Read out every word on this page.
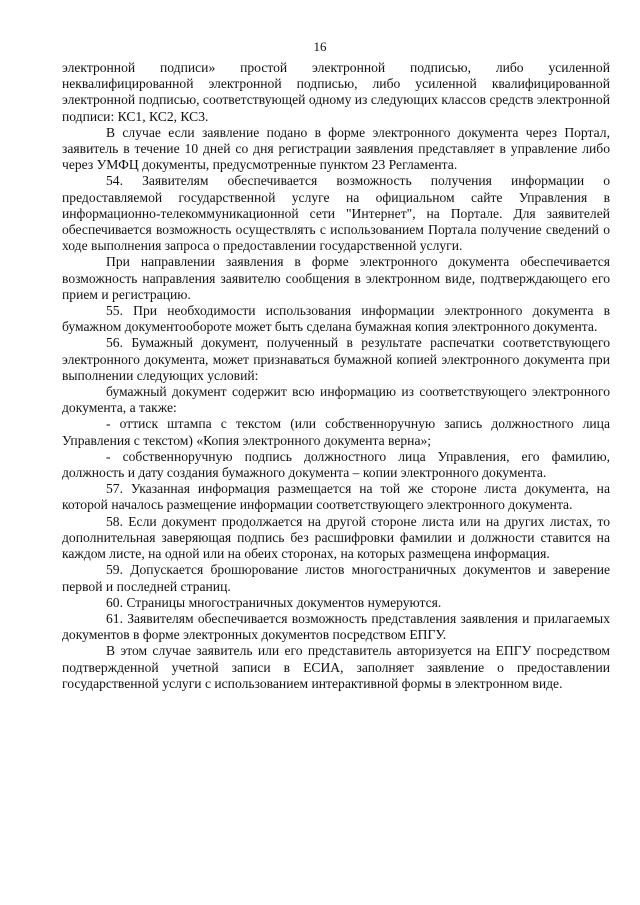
16

электронной подписи» простой электронной подписью, либо усиленной неквалифицированной электронной подписью, либо усиленной квалифицированной электронной подписью, соответствующей одному из следующих классов средств электронной подписи: КС1, КС2, КС3.

В случае если заявление подано в форме электронного документа через Портал, заявитель в течение 10 дней со дня регистрации заявления представляет в управление либо через УМФЦ документы, предусмотренные пунктом 23 Регламента.

54. Заявителям обеспечивается возможность получения информации о предоставляемой государственной услуге на официальном сайте Управления в информационно-телекоммуникационной сети "Интернет", на Портале. Для заявителей обеспечивается возможность осуществлять с использованием Портала получение сведений о ходе выполнения запроса о предоставлении государственной услуги.

При направлении заявления в форме электронного документа обеспечивается возможность направления заявителю сообщения в электронном виде, подтверждающего его прием и регистрацию.

55. При необходимости использования информации электронного документа в бумажном документообороте может быть сделана бумажная копия электронного документа.

56. Бумажный документ, полученный в результате распечатки соответствующего электронного документа, может признаваться бумажной копией электронного документа при выполнении следующих условий:

бумажный документ содержит всю информацию из соответствующего электронного документа, а также:

- оттиск штампа с текстом (или собственноручную запись должностного лица Управления с текстом) «Копия электронного документа верна»;

- собственноручную подпись должностного лица Управления, его фамилию, должность и дату создания бумажного документа – копии электронного документа.

57. Указанная информация размещается на той же стороне листа документа, на которой началось размещение информации соответствующего электронного документа.

58. Если документ продолжается на другой стороне листа или на других листах, то дополнительная заверяющая подпись без расшифровки фамилии и должности ставится на каждом листе, на одной или на обеих сторонах, на которых размещена информация.

59. Допускается брошюрование листов многостраничных документов и заверение первой и последней страниц.

60. Страницы многостраничных документов нумеруются.

61. Заявителям обеспечивается возможность представления заявления и прилагаемых документов в форме электронных документов посредством ЕПГУ.

В этом случае заявитель или его представитель авторизуется на ЕПГУ посредством подтвержденной учетной записи в ЕСИА, заполняет заявление о предоставлении государственной услуги с использованием интерактивной формы в электронном виде.
